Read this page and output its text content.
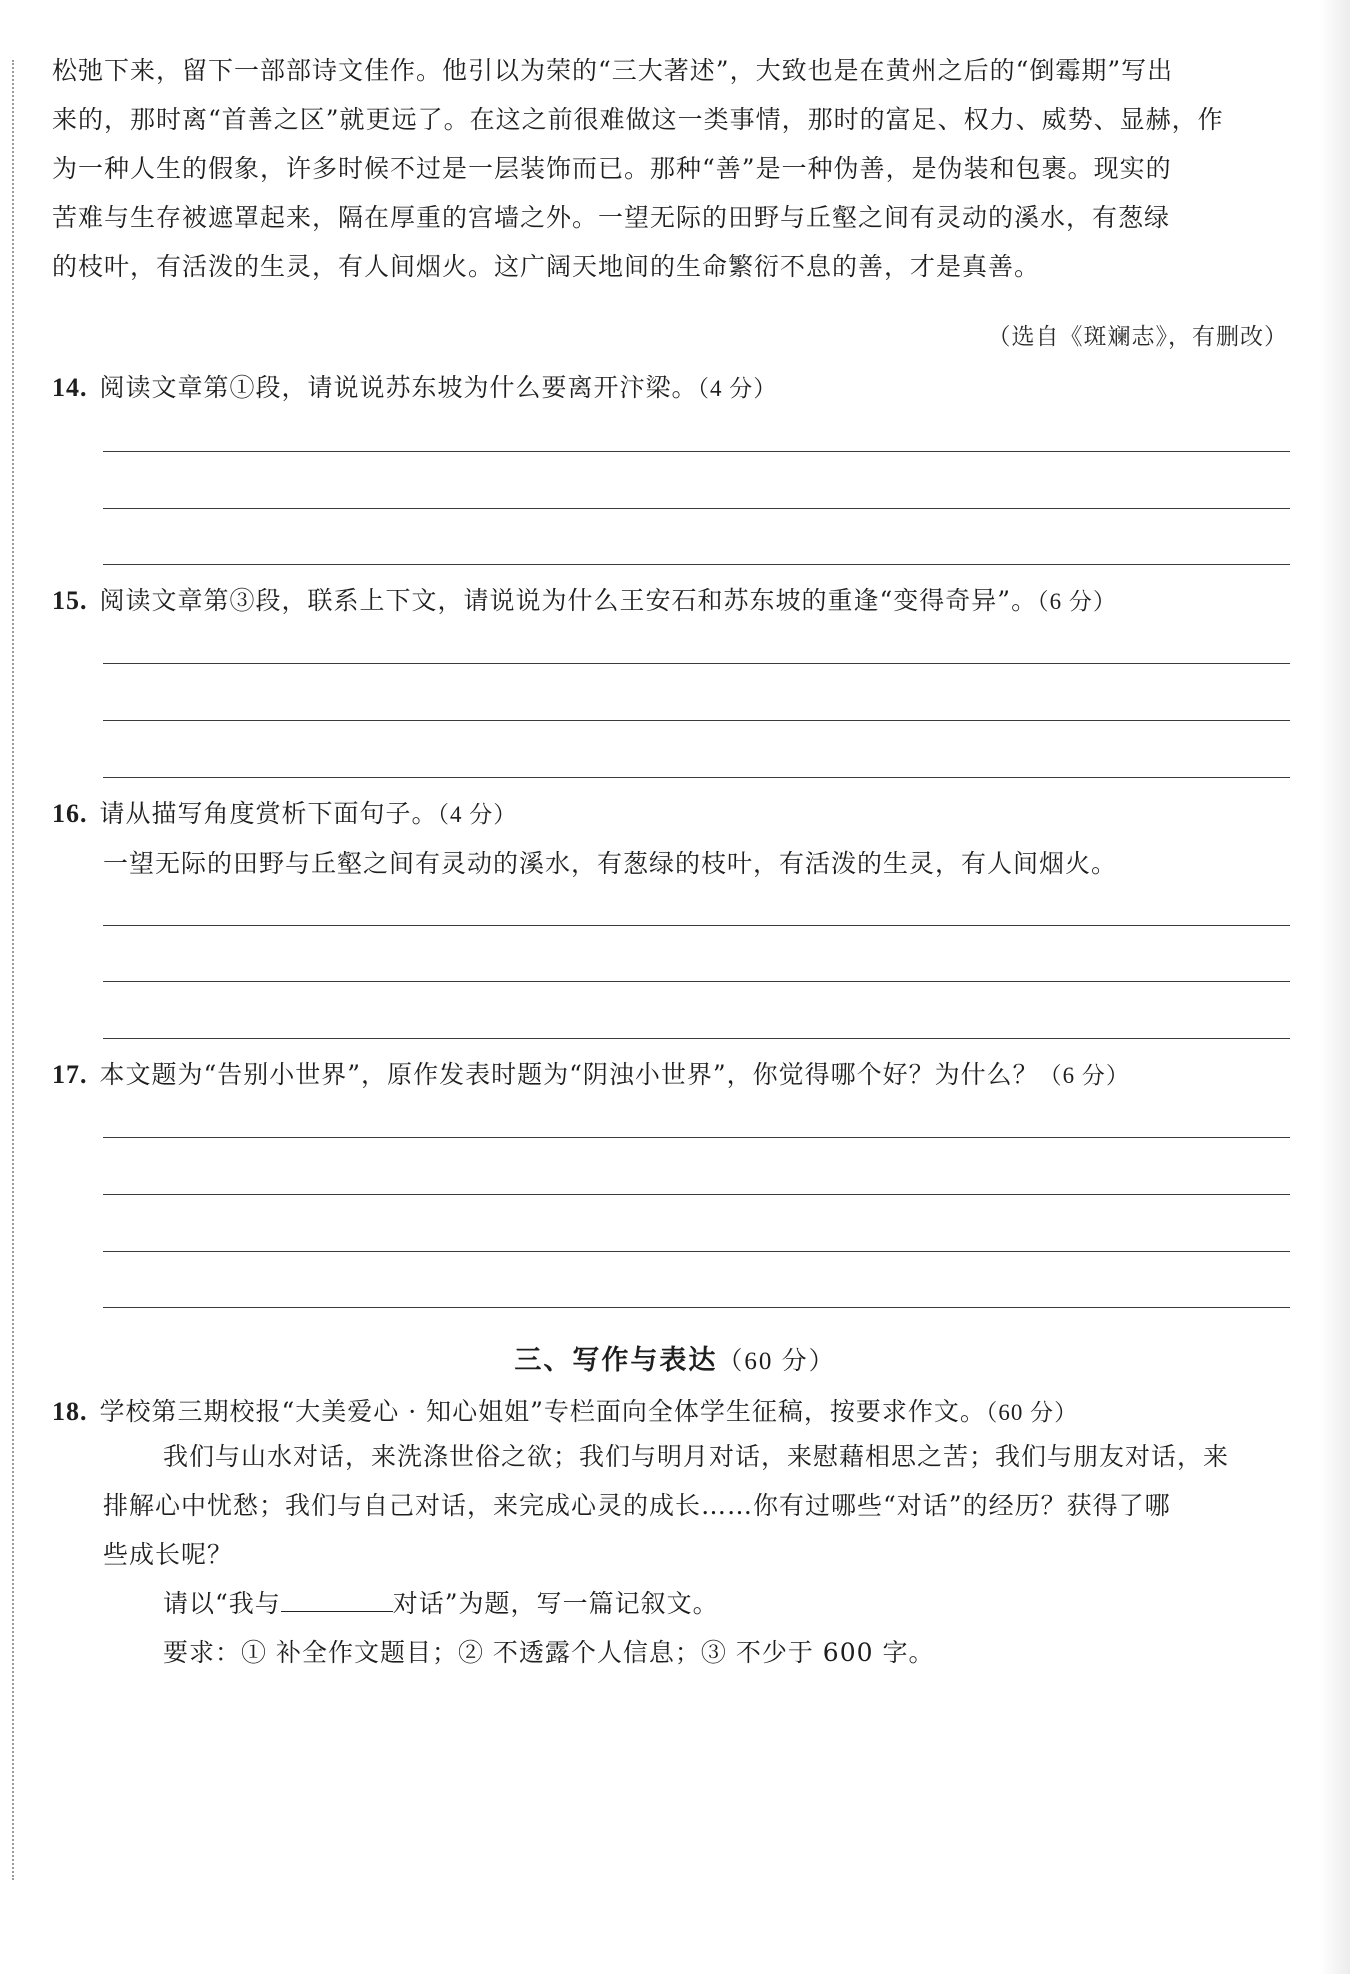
松弛下来，留下一部部诗文佳作。他引以为荣的“三大著述”，大致也是在黄州之后的“倒霉期”写出
来的，那时离“首善之区”就更远了。在这之前很难做这一类事情，那时的富足、权力、威势、显赫，作
为一种人生的假象，许多时候不过是一层装饰而已。那种“善”是一种伪善，是伪装和包裹。现实的
苦难与生存被遮罩起来，隔在厚重的宫墙之外。一望无际的田野与丘壑之间有灵动的溪水，有葱绿
的枝叶，有活泼的生灵，有人间烟火。这广阔天地间的生命繁衍不息的善，才是真善。
（选自《斑斓志》，有删改）
14. 阅读文章第①段，请说说苏东坡为什么要离开汴梁。（4 分）
15. 阅读文章第③段，联系上下文，请说说为什么王安石和苏东坡的重逢“变得奇异”。（6 分）
16. 请从描写角度赏析下面句子。（4 分）
一望无际的田野与丘壑之间有灵动的溪水，有葱绿的枝叶，有活泼的生灵，有人间烟火。
17. 本文题为“告别小世界”，原作发表时题为“阴浊小世界”，你觉得哪个好？为什么？（6 分）
三、写作与表达（60 分）
18. 学校第三期校报“大美爱心 · 知心姐姐”专栏面向全体学生征稿，按要求作文。（60 分）
我们与山水对话，来洗涤世俗之欲；我们与明月对话，来慰藉相思之苦；我们与朋友对话，来
排解心中忧愁；我们与自己对话，来完成心灵的成长……你有过哪些“对话”的经历？获得了哪
些成长呢？
请以“我与	对话”为题，写一篇记叙文。
要求：① 补全作文题目；② 不透露个人信息；③ 不少于 600 字。
